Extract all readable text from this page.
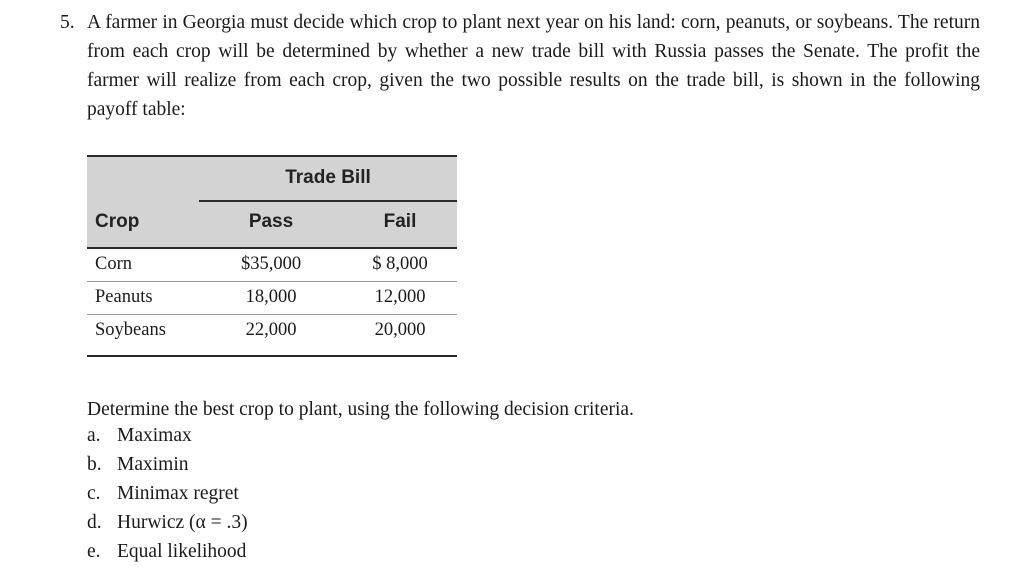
5. A farmer in Georgia must decide which crop to plant next year on his land: corn, peanuts, or soybeans. The return from each crop will be determined by whether a new trade bill with Russia passes the Senate. The profit the farmer will realize from each crop, given the two possible results on the trade bill, is shown in the following payoff table:
Trade Bill
Crop	Pass	Fail
Corn	$35,000	$ 8,000
Peanuts	18,000	12,000
Soybeans	22,000	20,000
Determine the best crop to plant, using the following decision criteria.
a. Maximax
b. Maximin
c. Minimax regret
d. Hurwicz (α = .3)
e. Equal likelihood
